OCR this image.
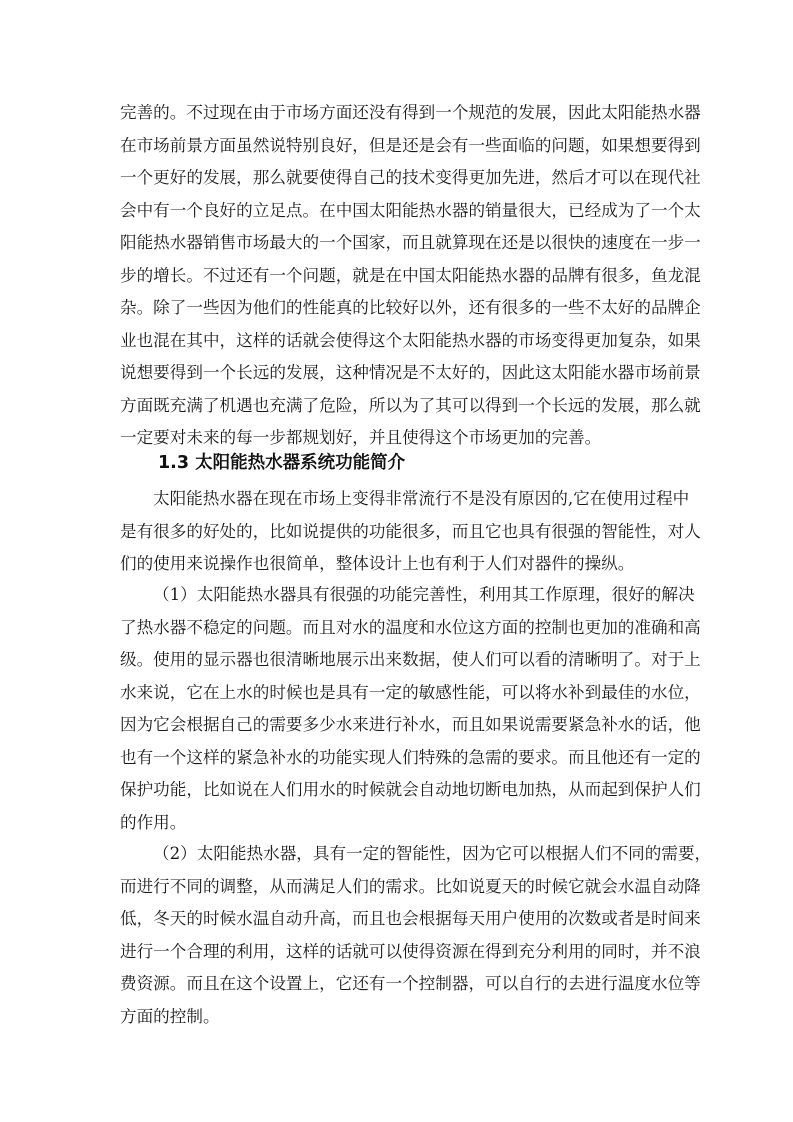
完善的。不过现在由于市场方面还没有得到一个规范的发展，因此太阳能热水器
在市场前景方面虽然说特别良好，但是还是会有一些面临的问题，如果想要得到
一个更好的发展，那么就要使得自己的技术变得更加先进，然后才可以在现代社
会中有一个良好的立足点。在中国太阳能热水器的销量很大，已经成为了一个太
阳能热水器销售市场最大的一个国家，而且就算现在还是以很快的速度在一步一
步的增长。不过还有一个问题，就是在中国太阳能热水器的品牌有很多，鱼龙混
杂。除了一些因为他们的性能真的比较好以外，还有很多的一些不太好的品牌企
业也混在其中，这样的话就会使得这个太阳能热水器的市场变得更加复杂，如果
说想要得到一个长远的发展，这种情况是不太好的，因此这太阳能水器市场前景
方面既充满了机遇也充满了危险，所以为了其可以得到一个长远的发展，那么就
一定要对未来的每一步都规划好，并且使得这个市场更加的完善。
1.3 太阳能热水器系统功能简介
太阳能热水器在现在市场上变得非常流行不是没有原因的,它在使用过程中
是有很多的好处的，比如说提供的功能很多，而且它也具有很强的智能性，对人
们的使用来说操作也很简单，整体设计上也有利于人们对器件的操纵。
（1）太阳能热水器具有很强的功能完善性，利用其工作原理，很好的解决
了热水器不稳定的问题。而且对水的温度和水位这方面的控制也更加的准确和高
级。使用的显示器也很清晰地展示出来数据，使人们可以看的清晰明了。对于上
水来说，它在上水的时候也是具有一定的敏感性能，可以将水补到最佳的水位，
因为它会根据自己的需要多少水来进行补水，而且如果说需要紧急补水的话，他
也有一个这样的紧急补水的功能实现人们特殊的急需的要求。而且他还有一定的
保护功能，比如说在人们用水的时候就会自动地切断电加热，从而起到保护人们
的作用。
（2）太阳能热水器，具有一定的智能性，因为它可以根据人们不同的需要，
而进行不同的调整，从而满足人们的需求。比如说夏天的时候它就会水温自动降
低，冬天的时候水温自动升高，而且也会根据每天用户使用的次数或者是时间来
进行一个合理的利用，这样的话就可以使得资源在得到充分利用的同时，并不浪
费资源。而且在这个设置上，它还有一个控制器，可以自行的去进行温度水位等
方面的控制。
